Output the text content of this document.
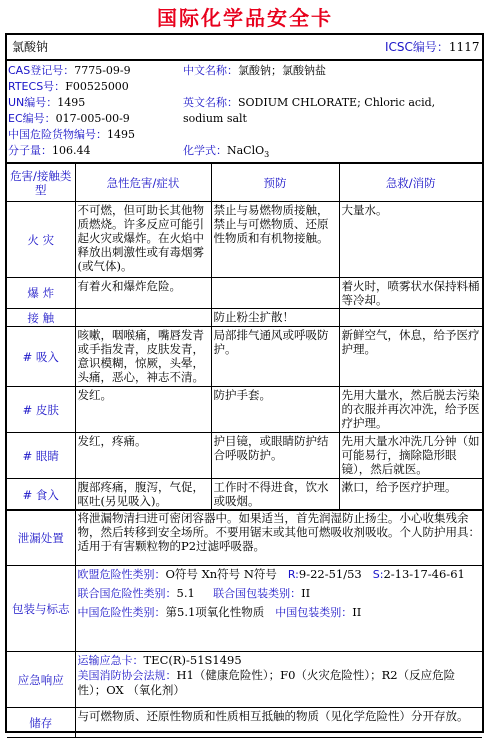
国际化学品安全卡
氯酸钠	ICSC编号：1117
CAS登记号：7775-09-9
RTECS号：F00525000
UN编号：1495
EC编号：017-005-00-9
中国危险货物编号：1495
分子量：106.44
中文名称：氯酸钠；氯酸钠盐
英文名称：SODIUM CHLORATE; Chloric acid,
sodium salt
化学式：NaClO$_3$
危害/接触类型	急性危害/症状	预防	急救/消防
火 灾	不可燃，但可助长其他物质燃烧。许多反应可能引起火灾或爆炸。在火焰中释放出刺激性或有毒烟雾(或气体)。	禁止与易燃物质接触，禁止与可燃物质、还原性物质和有机物接触。	大量水。
爆 炸	有着火和爆炸危险。		着火时，喷雾状水保持料桶等冷却。
接 触		防止粉尘扩散！	
# 吸入	咳嗽，咽喉痛，嘴唇发青或手指发青，皮肤发青，意识模糊，惊厥，头晕，头痛，恶心，神志不清。	局部排气通风或呼吸防护。	新鲜空气，休息，给予医疗护理。
# 皮肤	发红。	防护手套。	先用大量水，然后脱去污染的衣服并再次冲洗，给予医疗护理。
# 眼睛	发红，疼痛。	护目镜，或眼睛防护结合呼吸防护。	先用大量水冲洗几分钟（如可能易行，摘除隐形眼镜），然后就医。
# 食入	腹部疼痛，腹泻，气促，呕吐(另见吸入)。	工作时不得进食，饮水或吸烟。	漱口，给予医疗护理。
泄漏处置	将泄漏物清扫进可密闭容器中。如果适当，首先润湿防止扬尘。小心收集残余物，然后转移到安全场所。不要用锯末或其他可燃吸收剂吸收。个人防护用具：适用于有害颗粒物的P2过滤呼吸器。
包装与标志	欧盟危险性类别：O符号 Xn符号 N符号 R:9-22-51/53 S:2-13-17-46-61
联合国危险性类别：5.1 联合国包装类别：II
中国危险性类别：第5.1项氧化性物质 中国包装类别：II

应急响应	运输应急卡：TEC(R)-51S1495
美国消防协会法规：H1（健康危险性）；F0（火灾危险性）；R2（反应危险性）；OX （氧化剂）

储存	与可燃物质、还原性物质和性质相互抵触的物质（见化学危险性）分开存放。
